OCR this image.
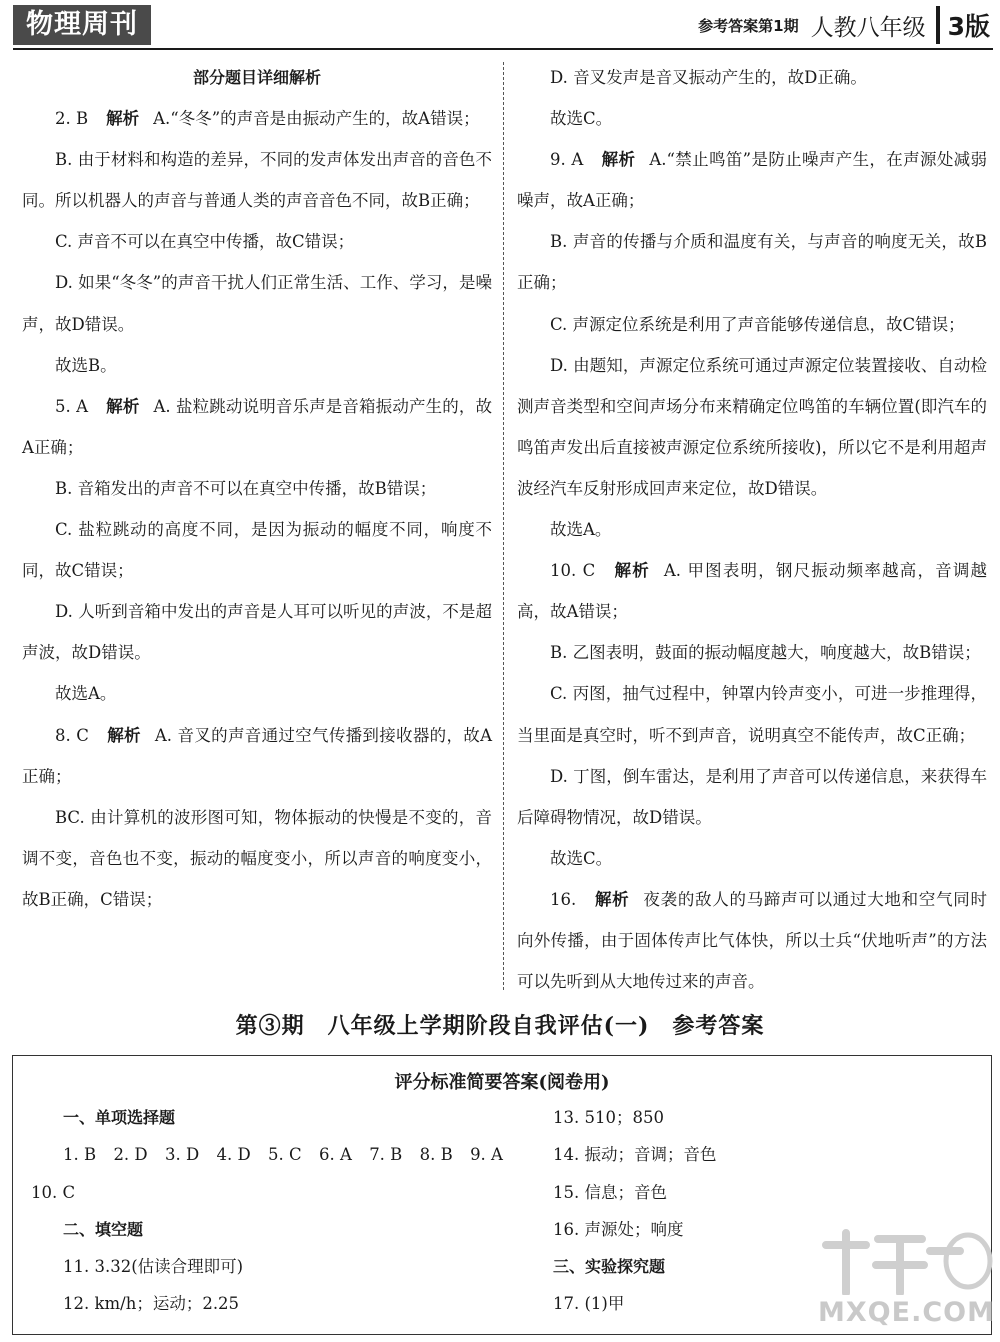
物理周刊	参考答案第1期 人教八年级 3版

部分题目详细解析

2. B 解析 A.“冬冬”的声音是由振动产生的，故A错误；

B. 由于材料和构造的差异，不同的发声体发出声音的音色不同。所以机器人的声音与普通人类的声音音色不同，故B正确；

C. 声音不可以在真空中传播，故C错误；

D. 如果“冬冬”的声音干扰人们正常生活、工作、学习，是噪声，故D错误。

故选B。

5. A 解析 A. 盐粒跳动说明音乐声是音箱振动产生的，故A正确；

B. 音箱发出的声音不可以在真空中传播，故B错误；

C. 盐粒跳动的高度不同，是因为振动的幅度不同，响度不同，故C错误；

D. 人听到音箱中发出的声音是人耳可以听见的声波，不是超声波，故D错误。

故选A。

8. C 解析 A. 音叉的声音通过空气传播到接收器的，故A正确；

BC. 由计算机的波形图可知，物体振动的快慢是不变的，音调不变，音色也不变，振动的幅度变小，所以声音的响度变小，故B正确，C错误；

D. 音叉发声是音叉振动产生的，故D正确。

故选C。

9. A 解析 A.“禁止鸣笛”是防止噪声产生，在声源处减弱噪声，故A正确；

B. 声音的传播与介质和温度有关，与声音的响度无关，故B正确；

C. 声源定位系统是利用了声音能够传递信息，故C错误；

D. 由题知，声源定位系统可通过声源定位装置接收、自动检测声音类型和空间声场分布来精确定位鸣笛的车辆位置(即汽车的鸣笛声发出后直接被声源定位系统所接收)，所以它不是利用超声波经汽车反射形成回声来定位，故D错误。

故选A。

10. C 解析 A. 甲图表明，钢尺振动频率越高，音调越高，故A错误；

B. 乙图表明，鼓面的振动幅度越大，响度越大，故B错误；

C. 丙图，抽气过程中，钟罩内铃声变小，可进一步推理得，当里面是真空时，听不到声音，说明真空不能传声，故C正确；

D. 丁图，倒车雷达，是利用了声音可以传递信息，来获得车后障碍物情况，故D错误。

故选C。

16. 解析 夜袭的敌人的马蹄声可以通过大地和空气同时向外传播，由于固体传声比气体快，所以士兵“伏地听声”的方法可以先听到从大地传过来的声音。

第③期　八年级上学期阶段自我评估(一)　参考答案
评分标准简要答案(阅卷用)
一、单项选择题
1. B 2. D 3. D 4. D 5. C 6. A 7. B 8. B 9. A
10. C
二、填空题
11. 3.32(估读合理即可)
12. km/h；运动；2.25
13. 510；850
14. 振动；音调；音色
15. 信息；音色
16. 声源处；响度
三、实验探究题
17. (1)甲	MXQE.COM
